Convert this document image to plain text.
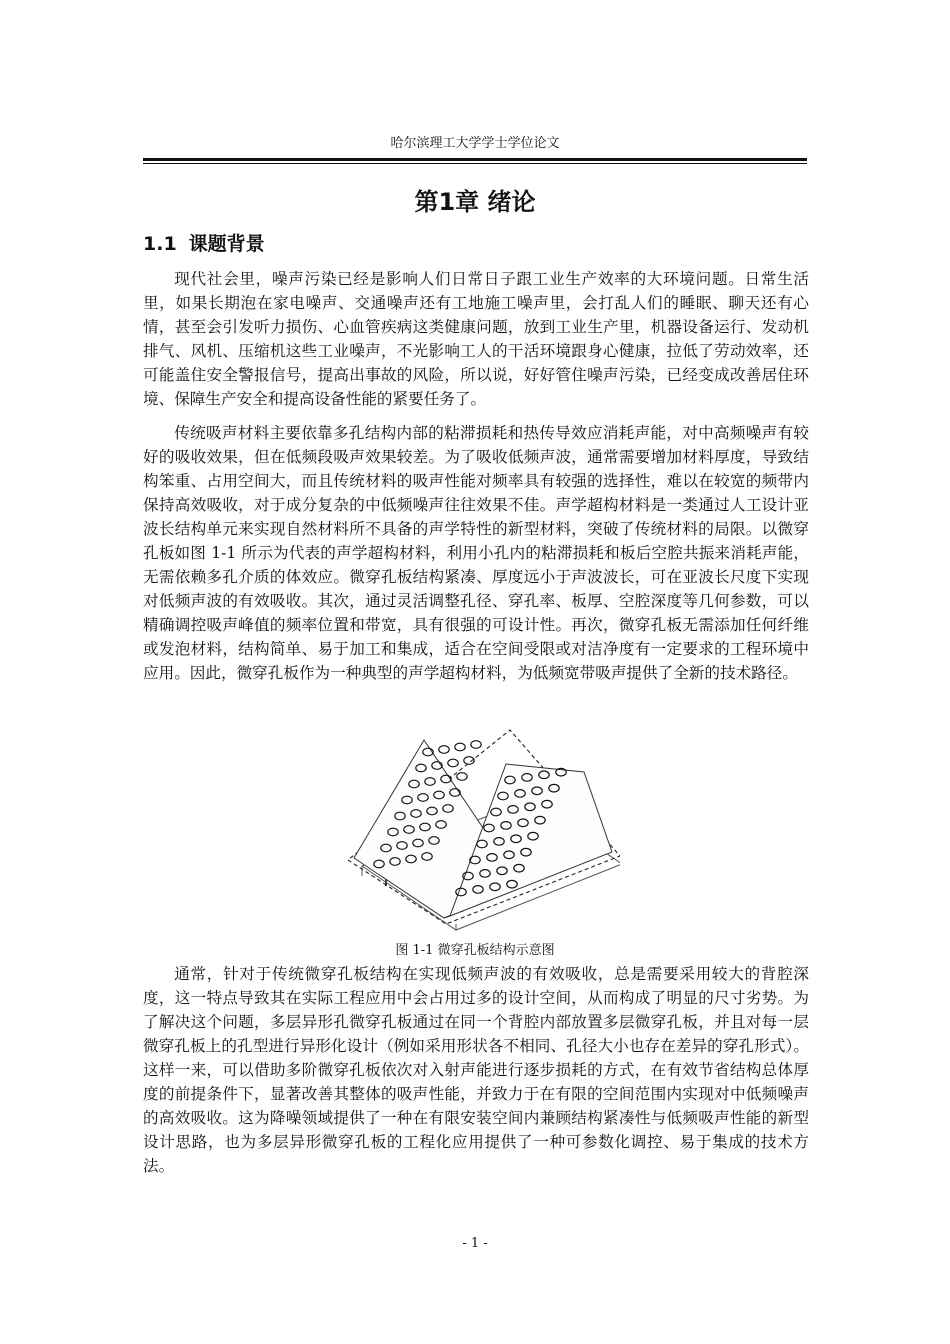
哈尔滨理工大学学士学位论文
第1章 绪论
1.1 课题背景

现代社会里，噪声污染已经是影响人们日常日子跟工业生产效率的大环境问题。日常生活里，如果长期泡在家电噪声、交通噪声还有工地施工噪声里，会打乱人们的睡眠、聊天还有心情，甚至会引发听力损伤、心血管疾病这类健康问题，放到工业生产里，机器设备运行、发动机排气、风机、压缩机这些工业噪声，不光影响工人的干活环境跟身心健康，拉低了劳动效率，还可能盖住安全警报信号，提高出事故的风险，所以说，好好管住噪声污染，已经变成改善居住环境、保障生产安全和提高设备性能的紧要任务了。

传统吸声材料主要依靠多孔结构内部的粘滞损耗和热传导效应消耗声能，对中高频噪声有较好的吸收效果，但在低频段吸声效果较差。为了吸收低频声波，通常需要增加材料厚度，导致结构笨重、占用空间大，而且传统材料的吸声性能对频率具有较强的选择性，难以在较宽的频带内保持高效吸收，对于成分复杂的中低频噪声往往效果不佳。声学超构材料是一类通过人工设计亚波长结构单元来实现自然材料所不具备的声学特性的新型材料，突破了传统材料的局限。以微穿孔板如图 1-1 所示为代表的声学超构材料，利用小孔内的粘滞损耗和板后空腔共振来消耗声能，无需依赖多孔介质的体效应。微穿孔板结构紧凑、厚度远小于声波波长，可在亚波长尺度下实现对低频声波的有效吸收。其次，通过灵活调整孔径、穿孔率、板厚、空腔深度等几何参数，可以精确调控吸声峰值的频率位置和带宽，具有很强的可设计性。再次，微穿孔板无需添加任何纤维或发泡材料，结构简单、易于加工和集成，适合在空间受限或对洁净度有一定要求的工程环境中应用。因此，微穿孔板作为一种典型的声学超构材料，为低频宽带吸声提供了全新的技术路径。

图 1-1 微穿孔板结构示意图

通常，针对于传统微穿孔板结构在实现低频声波的有效吸收，总是需要采用较大的背腔深度，这一特点导致其在实际工程应用中会占用过多的设计空间，从而构成了明显的尺寸劣势。为了解决这个问题，多层异形孔微穿孔板通过在同一个背腔内部放置多层微穿孔板，并且对每一层微穿孔板上的孔型进行异形化设计（例如采用形状各不相同、孔径大小也存在差异的穿孔形式）。这样一来，可以借助多阶微穿孔板依次对入射声能进行逐步损耗的方式，在有效节省结构总体厚度的前提条件下，显著改善其整体的吸声性能，并致力于在有限的空间范围内实现对中低频噪声的高效吸收。这为降噪领域提供了一种在有限安装空间内兼顾结构紧凑性与低频吸声性能的新型设计思路，也为多层异形微穿孔板的工程化应用提供了一种可参数化调控、易于集成的技术方法。

- 1 -
